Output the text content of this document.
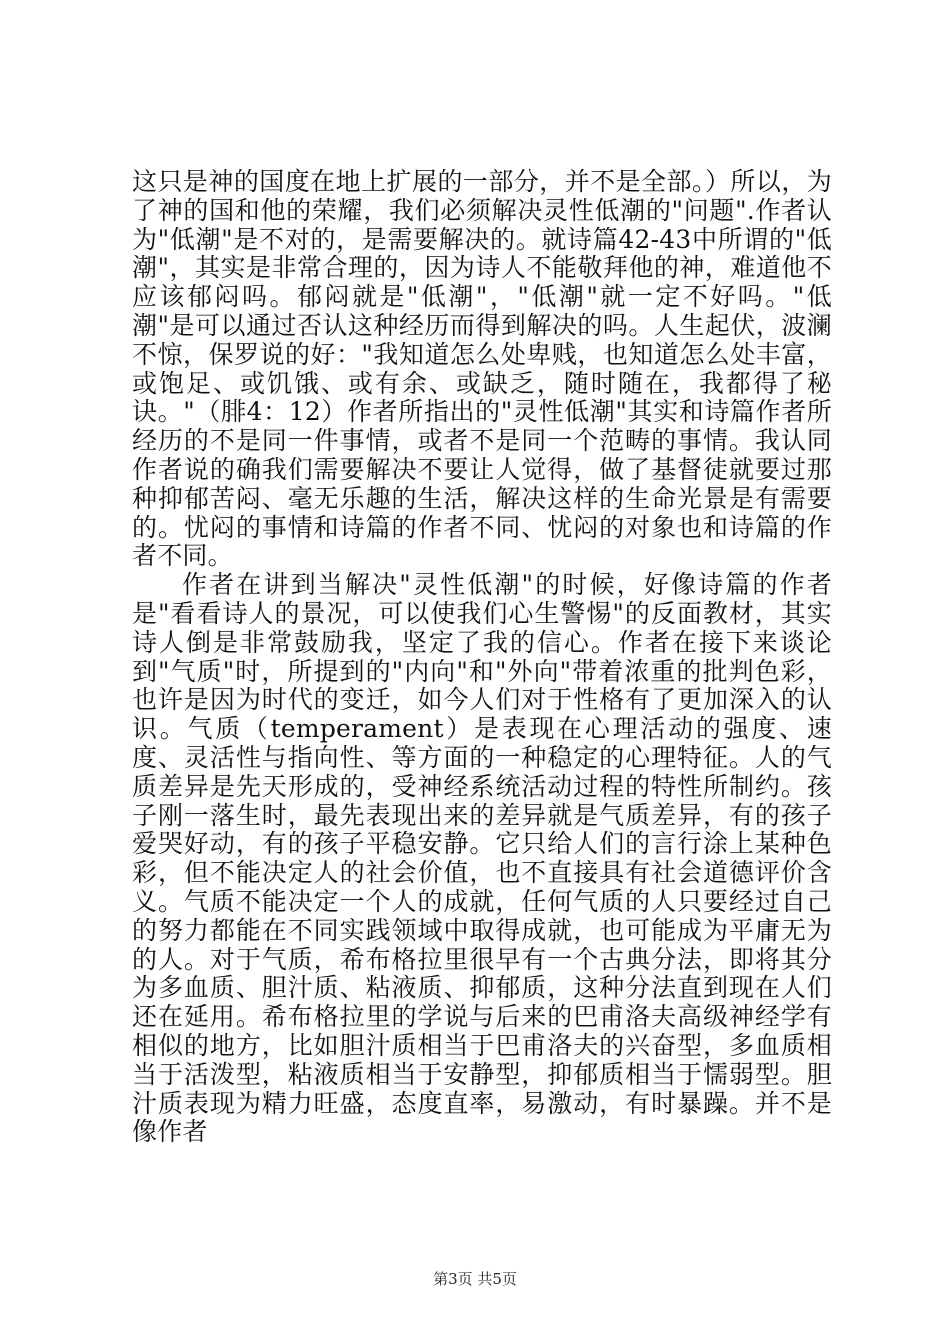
这只是神的国度在地上扩展的一部分，并不是全部。）所以，为了神的国和他的荣耀，我们必须解决灵性低潮的"问题".作者认为"低潮"是不对的，是需要解决的。就诗篇42-43中所谓的"低潮"，其实是非常合理的，因为诗人不能敬拜他的神，难道他不应该郁闷吗。郁闷就是"低潮"，"低潮"就一定不好吗。"低潮"是可以通过否认这种经历而得到解决的吗。人生起伏，波澜不惊，保罗说的好："我知道怎么处卑贱，也知道怎么处丰富，或饱足、或饥饿、或有余、或缺乏，随时随在，我都得了秘诀。"（腓4：12）作者所指出的"灵性低潮"其实和诗篇作者所经历的不是同一件事情，或者不是同一个范畴的事情。我认同作者说的确我们需要解决不要让人觉得，做了基督徒就要过那种抑郁苦闷、毫无乐趣的生活，解决这样的生命光景是有需要的。忧闷的事情和诗篇的作者不同、忧闷的对象也和诗篇的作者不同。

作者在讲到当解决"灵性低潮"的时候，好像诗篇的作者是"看看诗人的景况，可以使我们心生警惕"的反面教材，其实诗人倒是非常鼓励我，坚定了我的信心。作者在接下来谈论到"气质"时，所提到的"内向"和"外向"带着浓重的批判色彩，也许是因为时代的变迁，如今人们对于性格有了更加深入的认识。气质（temperament）是表现在心理活动的强度、速度、灵活性与指向性、等方面的一种稳定的心理特征。人的气质差异是先天形成的，受神经系统活动过程的特性所制约。孩子刚一落生时，最先表现出来的差异就是气质差异，有的孩子爱哭好动，有的孩子平稳安静。它只给人们的言行涂上某种色彩，但不能决定人的社会价值，也不直接具有社会道德评价含义。气质不能决定一个人的成就，任何气质的人只要经过自己的努力都能在不同实践领域中取得成就，也可能成为平庸无为的人。对于气质，希布格拉里很早有一个古典分法，即将其分为多血质、胆汁质、粘液质、抑郁质，这种分法直到现在人们还在延用。希布格拉里的学说与后来的巴甫洛夫高级神经学有相似的地方，比如胆汁质相当于巴甫洛夫的兴奋型，多血质相当于活泼型，粘液质相当于安静型，抑郁质相当于懦弱型。胆汁质表现为精力旺盛，态度直率，易激动，有时暴躁。并不是像作者

第3页 共5页
